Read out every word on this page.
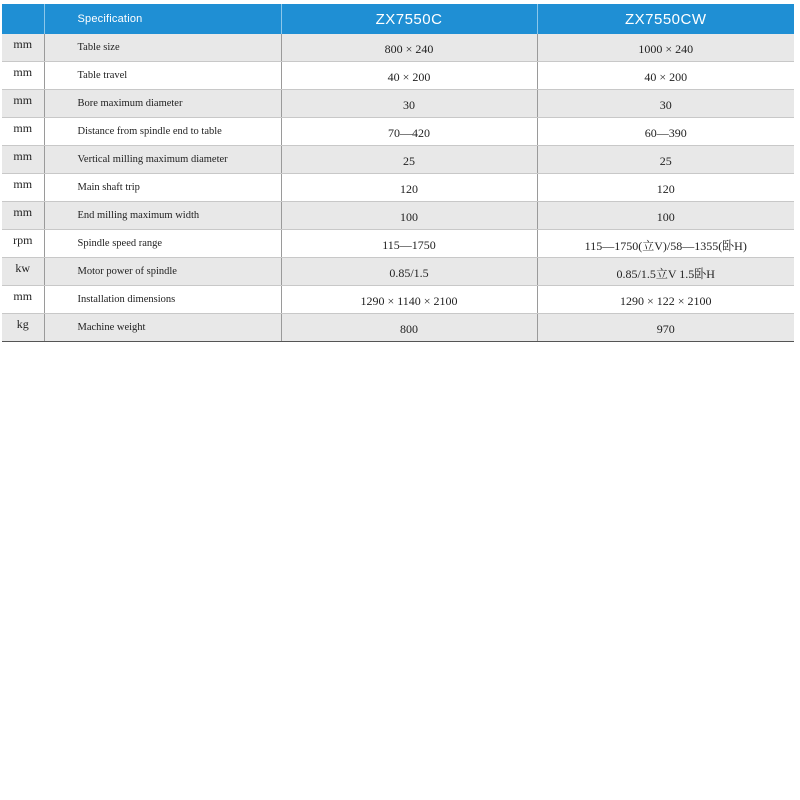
	Specification	ZX7550C	ZX7550CW
mm	Table size	800 × 240	1000 × 240
mm	Table travel	40 × 200	40 × 200
mm	Bore maximum diameter	30	30
mm	Distance from spindle end to table	70—420	60—390
mm	Vertical milling maximum diameter	25	25
mm	Main shaft trip	120	120
mm	End milling maximum width	100	100
rpm	Spindle speed range	115—1750	115—1750(立V)/58—1355(卧H)
kw	Motor power of spindle	0.85/1.5	0.85/1.5立V 1.5卧H
mm	Installation dimensions	1290 × 1140 × 2100	1290 × 122 × 2100
kg	Machine weight	800	970
